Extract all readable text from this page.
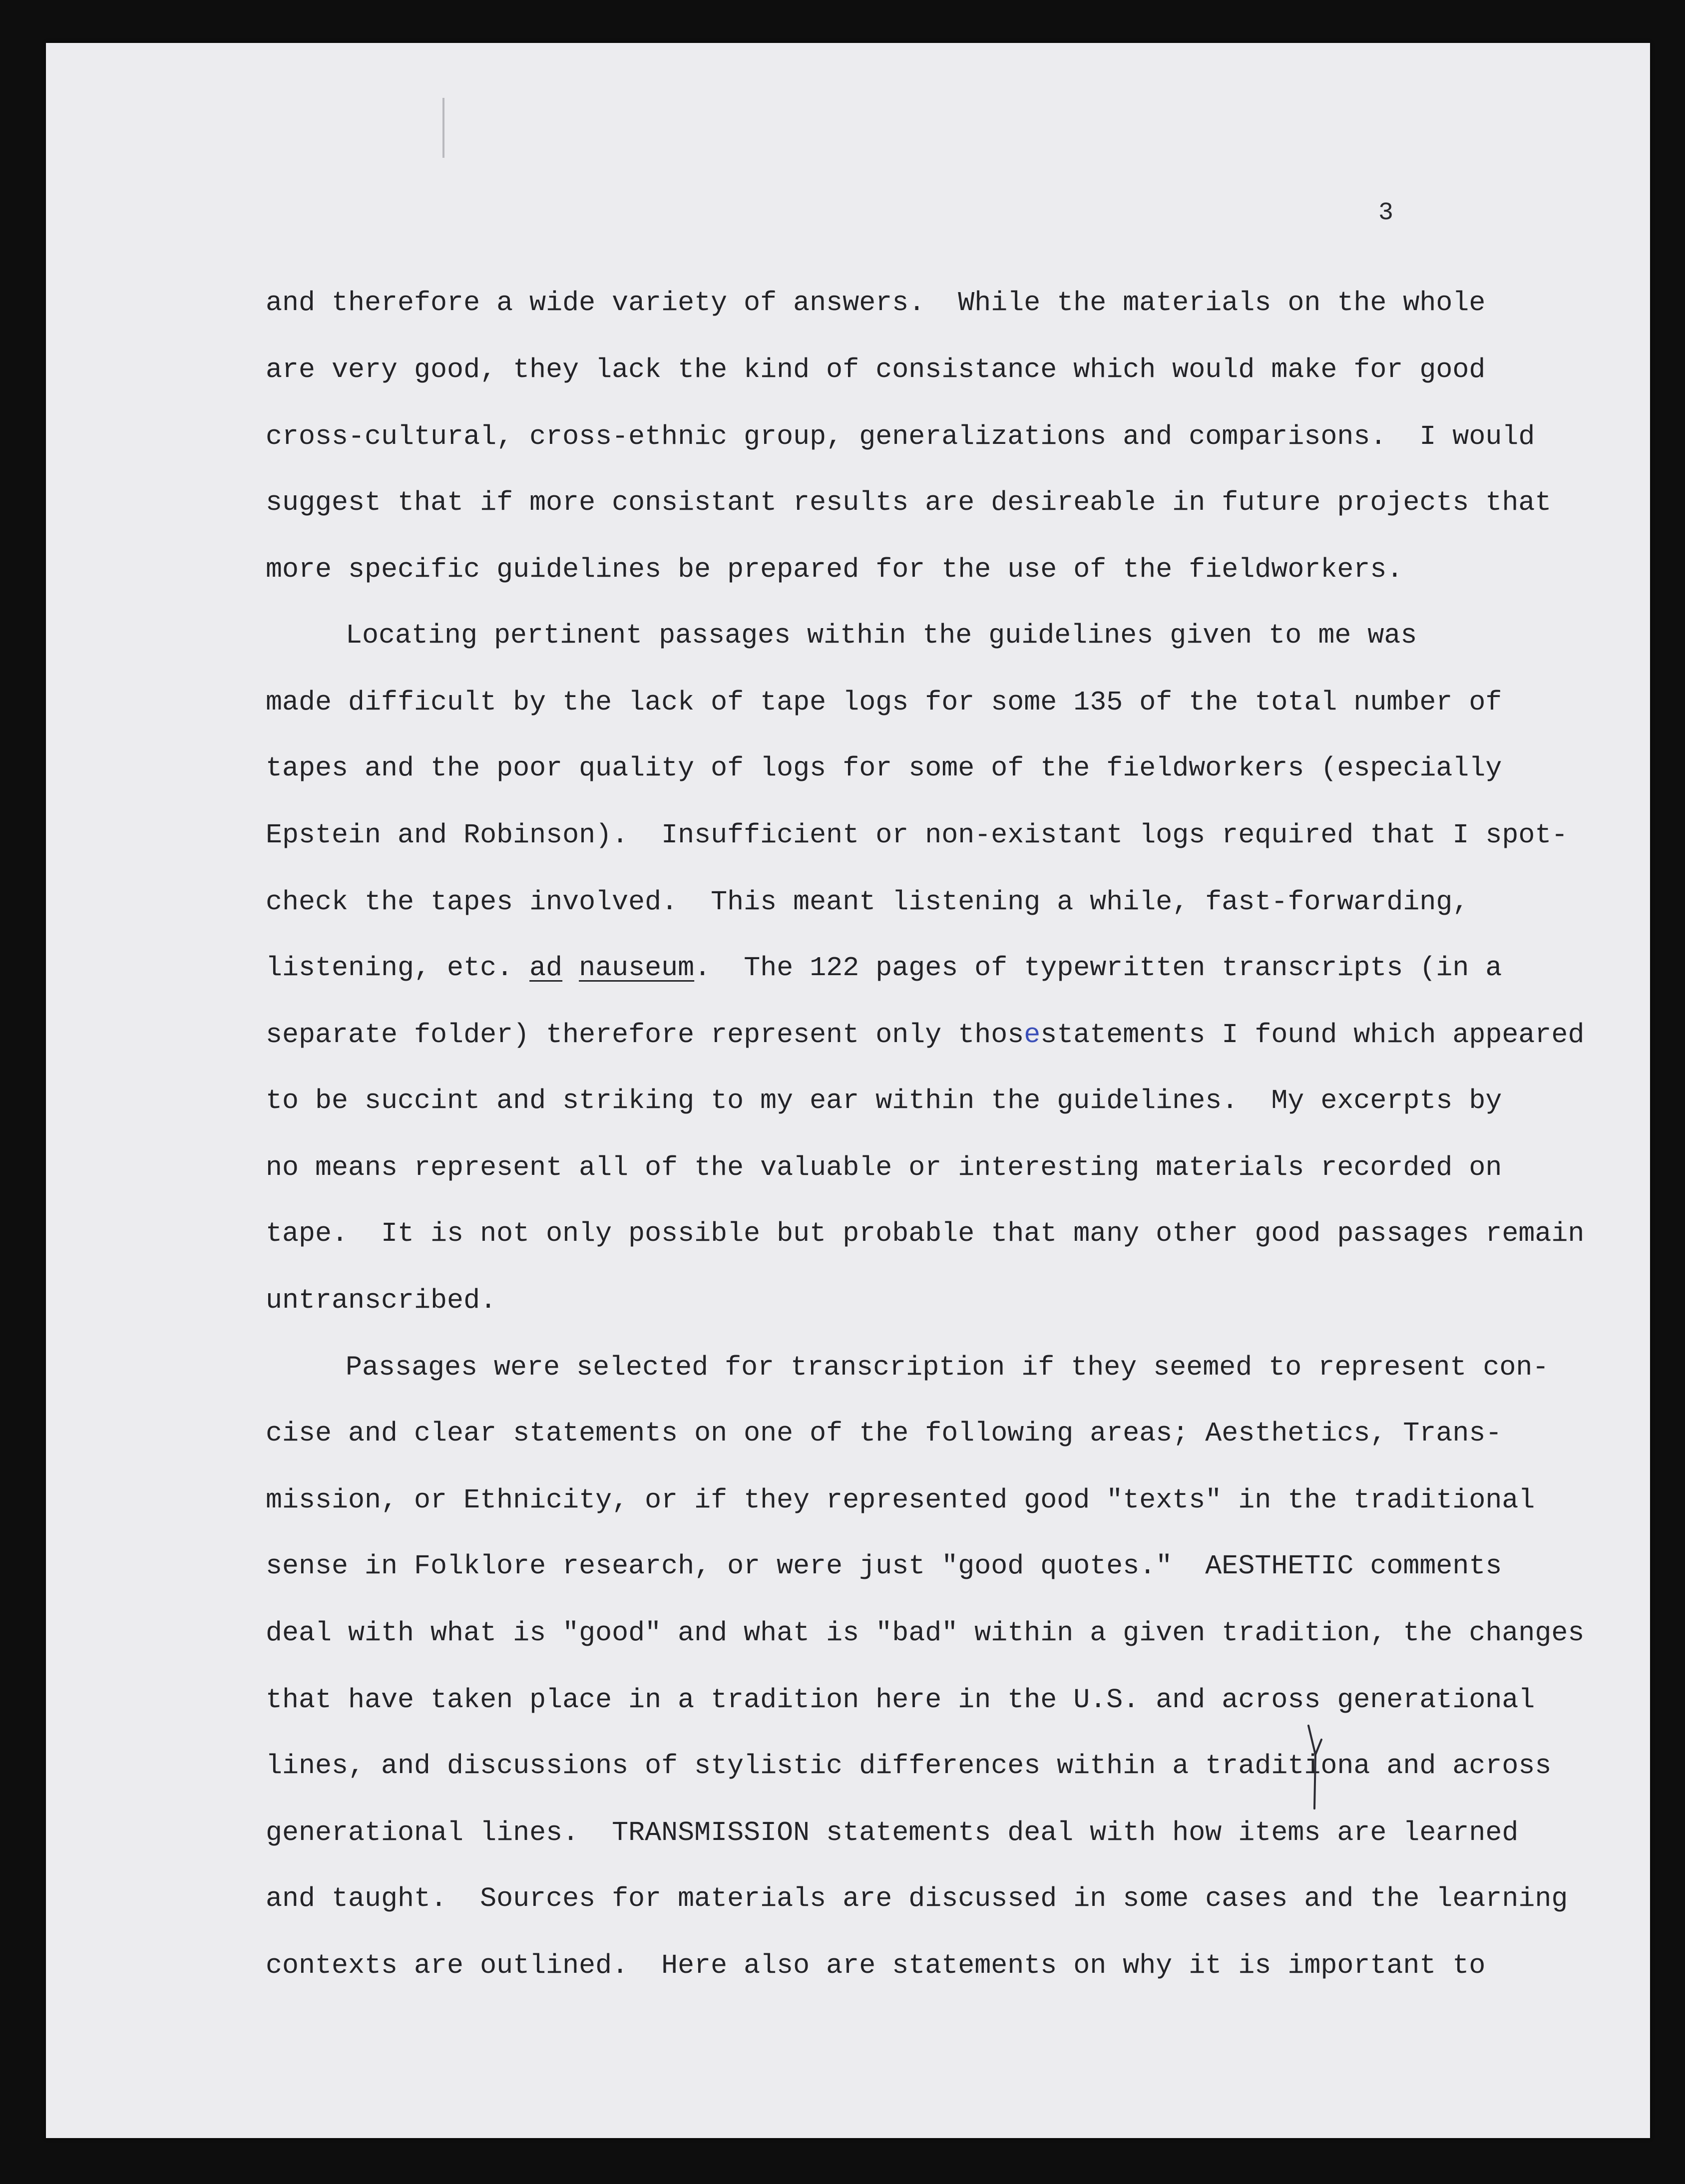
3
and therefore a wide variety of answers.  While the materials on the whole
are very good, they lack the kind of consistance which would make for good
cross-cultural, cross-ethnic group, generalizations and comparisons.  I would
suggest that if more consistant results are desireable in future projects that
more specific guidelines be prepared for the use of the fieldworkers.
Locating pertinent passages within the guidelines given to me was
made difficult by the lack of tape logs for some 135 of the total number of
tapes and the poor quality of logs for some of the fieldworkers (especially
Epstein and Robinson).  Insufficient or non-existant logs required that I spot-
check the tapes involved.  This meant listening a while, fast-forwarding,
listening, etc. ad nauseum.  The 122 pages of typewritten transcripts (in a
separate folder) therefore represent only thosestatements I found which appeared
to be succint and striking to my ear within the guidelines.  My excerpts by
no means represent all of the valuable or interesting materials recorded on
tape.  It is not only possible but probable that many other good passages remain
untranscribed.
Passages were selected for transcription if they seemed to represent con-
cise and clear statements on one of the following areas; Aesthetics, Trans-
mission, or Ethnicity, or if they represented good "texts" in the traditional
sense in Folklore research, or were just "good quotes."  AESTHETIC comments
deal with what is "good" and what is "bad" within a given tradition, the changes
that have taken place in a tradition here in the U.S. and across generational
lines, and discussions of stylistic differences within a traditiona and across
generational lines.  TRANSMISSION statements deal with how items are learned
and taught.  Sources for materials are discussed in some cases and the learning
contexts are outlined.  Here also are statements on why it is important to
